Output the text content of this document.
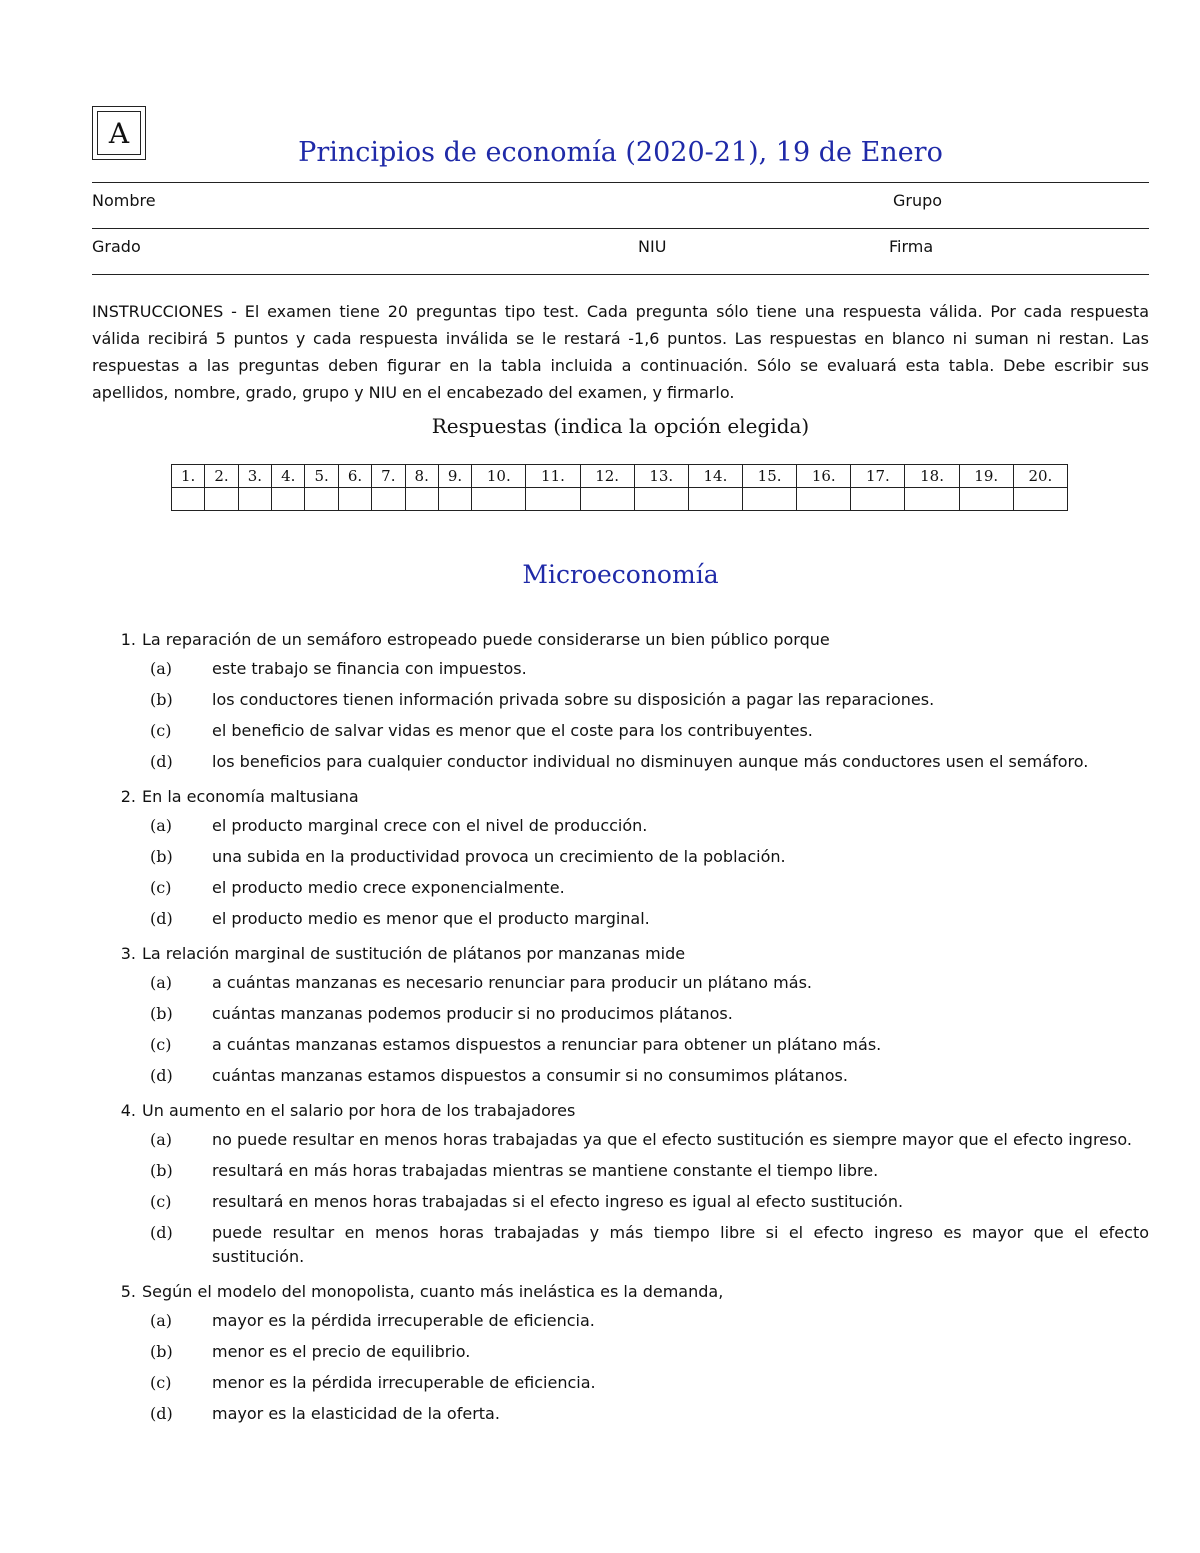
A
Principios de economía (2020-21), 19 de Enero
Nombre	Grupo
Grado	NIU	Firma
INSTRUCCIONES - El examen tiene 20 preguntas tipo test. Cada pregunta sólo tiene una respuesta válida. Por cada respuesta válida recibirá 5 puntos y cada respuesta inválida se le restará -1,6 puntos. Las respuestas en blanco ni suman ni restan. Las respuestas a las preguntas deben figurar en la tabla incluida a continuación. Sólo se evaluará esta tabla. Debe escribir sus apellidos, nombre, grado, grupo y NIU en el encabezado del examen, y firmarlo.
Respuestas (indica la opción elegida)
1.	2.	3.	4.	5.	6.	7.	8.	9.	10.	11.	12.	13.	14.	15.	16.	17.	18.	19.	20.

Microeconomía
1. La reparación de un semáforo estropeado puede considerarse un bien público porque
(a)	este trabajo se financia con impuestos.
(b)	los conductores tienen información privada sobre su disposición a pagar las reparaciones.
(c)	el beneficio de salvar vidas es menor que el coste para los contribuyentes.
(d)	los beneficios para cualquier conductor individual no disminuyen aunque más conductores usen el semáforo.
2. En la economía maltusiana
(a)	el producto marginal crece con el nivel de producción.
(b)	una subida en la productividad provoca un crecimiento de la población.
(c)	el producto medio crece exponencialmente.
(d)	el producto medio es menor que el producto marginal.
3. La relación marginal de sustitución de plátanos por manzanas mide
(a)	a cuántas manzanas es necesario renunciar para producir un plátano más.
(b)	cuántas manzanas podemos producir si no producimos plátanos.
(c)	a cuántas manzanas estamos dispuestos a renunciar para obtener un plátano más.
(d)	cuántas manzanas estamos dispuestos a consumir si no consumimos plátanos.
4. Un aumento en el salario por hora de los trabajadores
(a)	no puede resultar en menos horas trabajadas ya que el efecto sustitución es siempre mayor que el efecto ingreso.
(b)	resultará en más horas trabajadas mientras se mantiene constante el tiempo libre.
(c)	resultará en menos horas trabajadas si el efecto ingreso es igual al efecto sustitución.
(d)	puede resultar en menos horas trabajadas y más tiempo libre si el efecto ingreso es mayor que el efecto sustitución.
5. Según el modelo del monopolista, cuanto más inelástica es la demanda,
(a)	mayor es la pérdida irrecuperable de eficiencia.
(b)	menor es el precio de equilibrio.
(c)	menor es la pérdida irrecuperable de eficiencia.
(d)	mayor es la elasticidad de la oferta.
